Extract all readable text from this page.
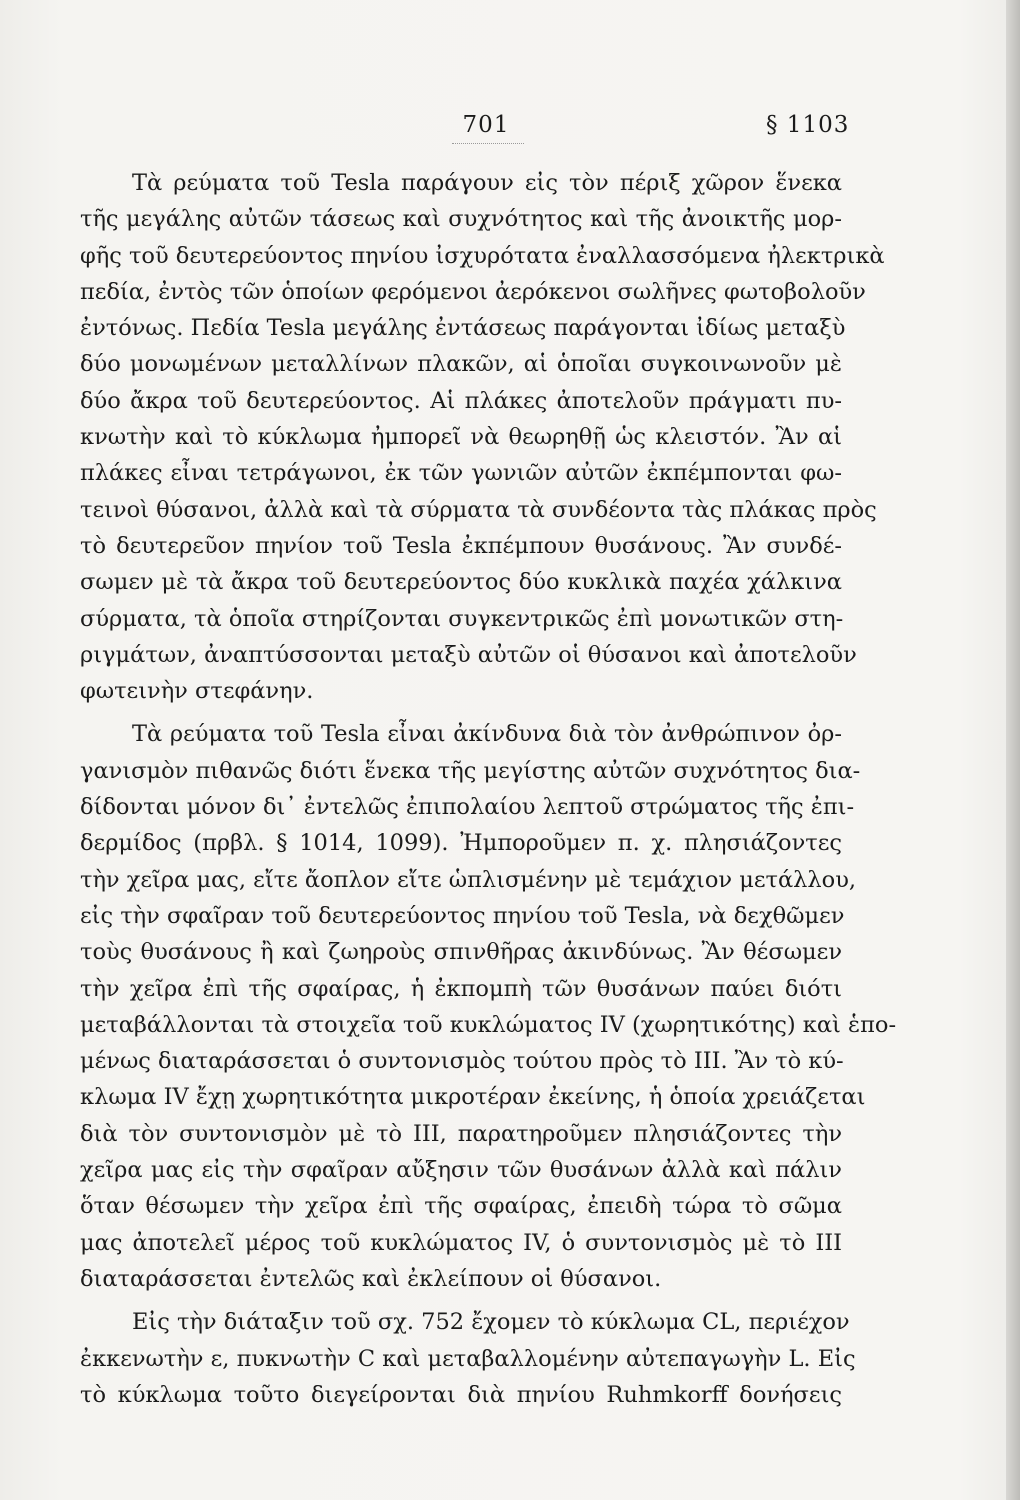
701	§ 1103
Τὰ ρεύματα τοῦ Tesla παράγουν εἰς τὸν πέριξ χῶρον ἕνεκα
τῆς μεγάλης αὐτῶν τάσεως καὶ συχνότητος καὶ τῆς ἀνοικτῆς μορ-
φῆς τοῦ δευτερεύοντος πηνίου ἰσχυρότατα ἐναλλασσόμενα ἠλεκτρικὰ
πεδία, ἐντὸς τῶν ὁποίων φερόμενοι ἀερόκενοι σωλῆνες φωτοβολοῦν
ἐντόνως. Πεδία Tesla μεγάλης ἐντάσεως παράγονται ἰδίως μεταξὺ
δύο μονωμένων μεταλλίνων πλακῶν, αἱ ὁποῖαι συγκοινωνοῦν μὲ
δύο ἄκρα τοῦ δευτερεύοντος. Αἱ πλάκες ἀποτελοῦν πράγματι πυ-
κνωτὴν καὶ τὸ κύκλωμα ἠμπορεῖ νὰ θεωρηθῇ ὡς κλειστόν. Ἂν αἱ
πλάκες εἶναι τετράγωνοι, ἐκ τῶν γωνιῶν αὐτῶν ἐκπέμπονται φω-
τεινοὶ θύσανοι, ἀλλὰ καὶ τὰ σύρματα τὰ συνδέοντα τὰς πλάκας πρὸς
τὸ δευτερεῦον πηνίον τοῦ Tesla ἐκπέμπουν θυσάνους. Ἂν συνδέ-
σωμεν μὲ τὰ ἄκρα τοῦ δευτερεύοντος δύο κυκλικὰ παχέα χάλκινα
σύρματα, τὰ ὁποῖα στηρίζονται συγκεντρικῶς ἐπὶ μονωτικῶν στη-
ριγμάτων, ἀναπτύσσονται μεταξὺ αὐτῶν οἱ θύσανοι καὶ ἀποτελοῦν
φωτεινὴν στεφάνην.
Τὰ ρεύματα τοῦ Tesla εἶναι ἀκίνδυνα διὰ τὸν ἀνθρώπινον ὀρ-
γανισμὸν πιθανῶς διότι ἕνεκα τῆς μεγίστης αὐτῶν συχνότητος δια-
δίδονται μόνον δι᾽ ἐντελῶς ἐπιπολαίου λεπτοῦ στρώματος τῆς ἐπι-
δερμίδος (πρβλ. § 1014, 1099). Ἠμποροῦμεν π. χ. πλησιάζοντες
τὴν χεῖρα μας, εἴτε ἄοπλον εἴτε ὡπλισμένην μὲ τεμάχιον μετάλλου,
εἰς τὴν σφαῖραν τοῦ δευτερεύοντος πηνίου τοῦ Tesla, νὰ δεχθῶμεν
τοὺς θυσάνους ἢ καὶ ζωηροὺς σπινθῆρας ἀκινδύνως. Ἂν θέσωμεν
τὴν χεῖρα ἐπὶ τῆς σφαίρας, ἡ ἐκπομπὴ τῶν θυσάνων παύει διότι
μεταβάλλονται τὰ στοιχεῖα τοῦ κυκλώματος IV (χωρητικότης) καὶ ἑπο-
μένως διαταράσσεται ὁ συντονισμὸς τούτου πρὸς τὸ III. Ἂν τὸ κύ-
κλωμα IV ἔχῃ χωρητικότητα μικροτέραν ἐκείνης, ἡ ὁποία χρειάζεται
διὰ τὸν συντονισμὸν μὲ τὸ III, παρατηροῦμεν πλησιάζοντες τὴν
χεῖρα μας εἰς τὴν σφαῖραν αὔξησιν τῶν θυσάνων ἀλλὰ καὶ πάλιν
ὅταν θέσωμεν τὴν χεῖρα ἐπὶ τῆς σφαίρας, ἐπειδὴ τώρα τὸ σῶμα
μας ἀποτελεῖ μέρος τοῦ κυκλώματος IV, ὁ συντονισμὸς μὲ τὸ III
διαταράσσεται ἐντελῶς καὶ ἐκλείπουν οἱ θύσανοι.
Εἰς τὴν διάταξιν τοῦ σχ. 752 ἔχομεν τὸ κύκλωμα CL, περιέχον
ἐκκενωτὴν ε, πυκνωτὴν C καὶ μεταβαλλομένην αὐτεπαγωγὴν L. Εἰς
τὸ κύκλωμα τοῦτο διεγείρονται διὰ πηνίου Ruhmkorff δονήσεις
